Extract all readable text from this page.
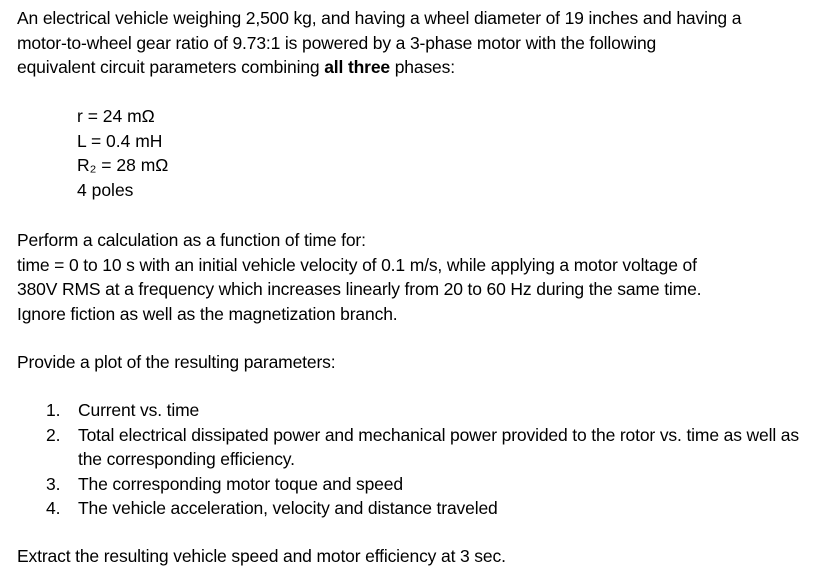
An electrical vehicle weighing 2,500 kg, and having a wheel diameter of 19 inches and having a
motor-to-wheel gear ratio of 9.73:1 is powered by a 3-phase motor with the following
equivalent circuit parameters combining all three phases:
r = 24 mΩ
L = 0.4 mH
R₂ = 28 mΩ
4 poles
Perform a calculation as a function of time for:
time = 0 to 10 s with an initial vehicle velocity of 0.1 m/s, while applying a motor voltage of
380V RMS at a frequency which increases linearly from 20 to 60 Hz during the same time.
Ignore fiction as well as the magnetization branch.
Provide a plot of the resulting parameters:
1.	Current vs. time
2.	Total electrical dissipated power and mechanical power provided to the rotor vs. time as well as the corresponding efficiency.
3.	The corresponding motor toque and speed
4.	The vehicle acceleration, velocity and distance traveled
Extract the resulting vehicle speed and motor efficiency at 3 sec.
